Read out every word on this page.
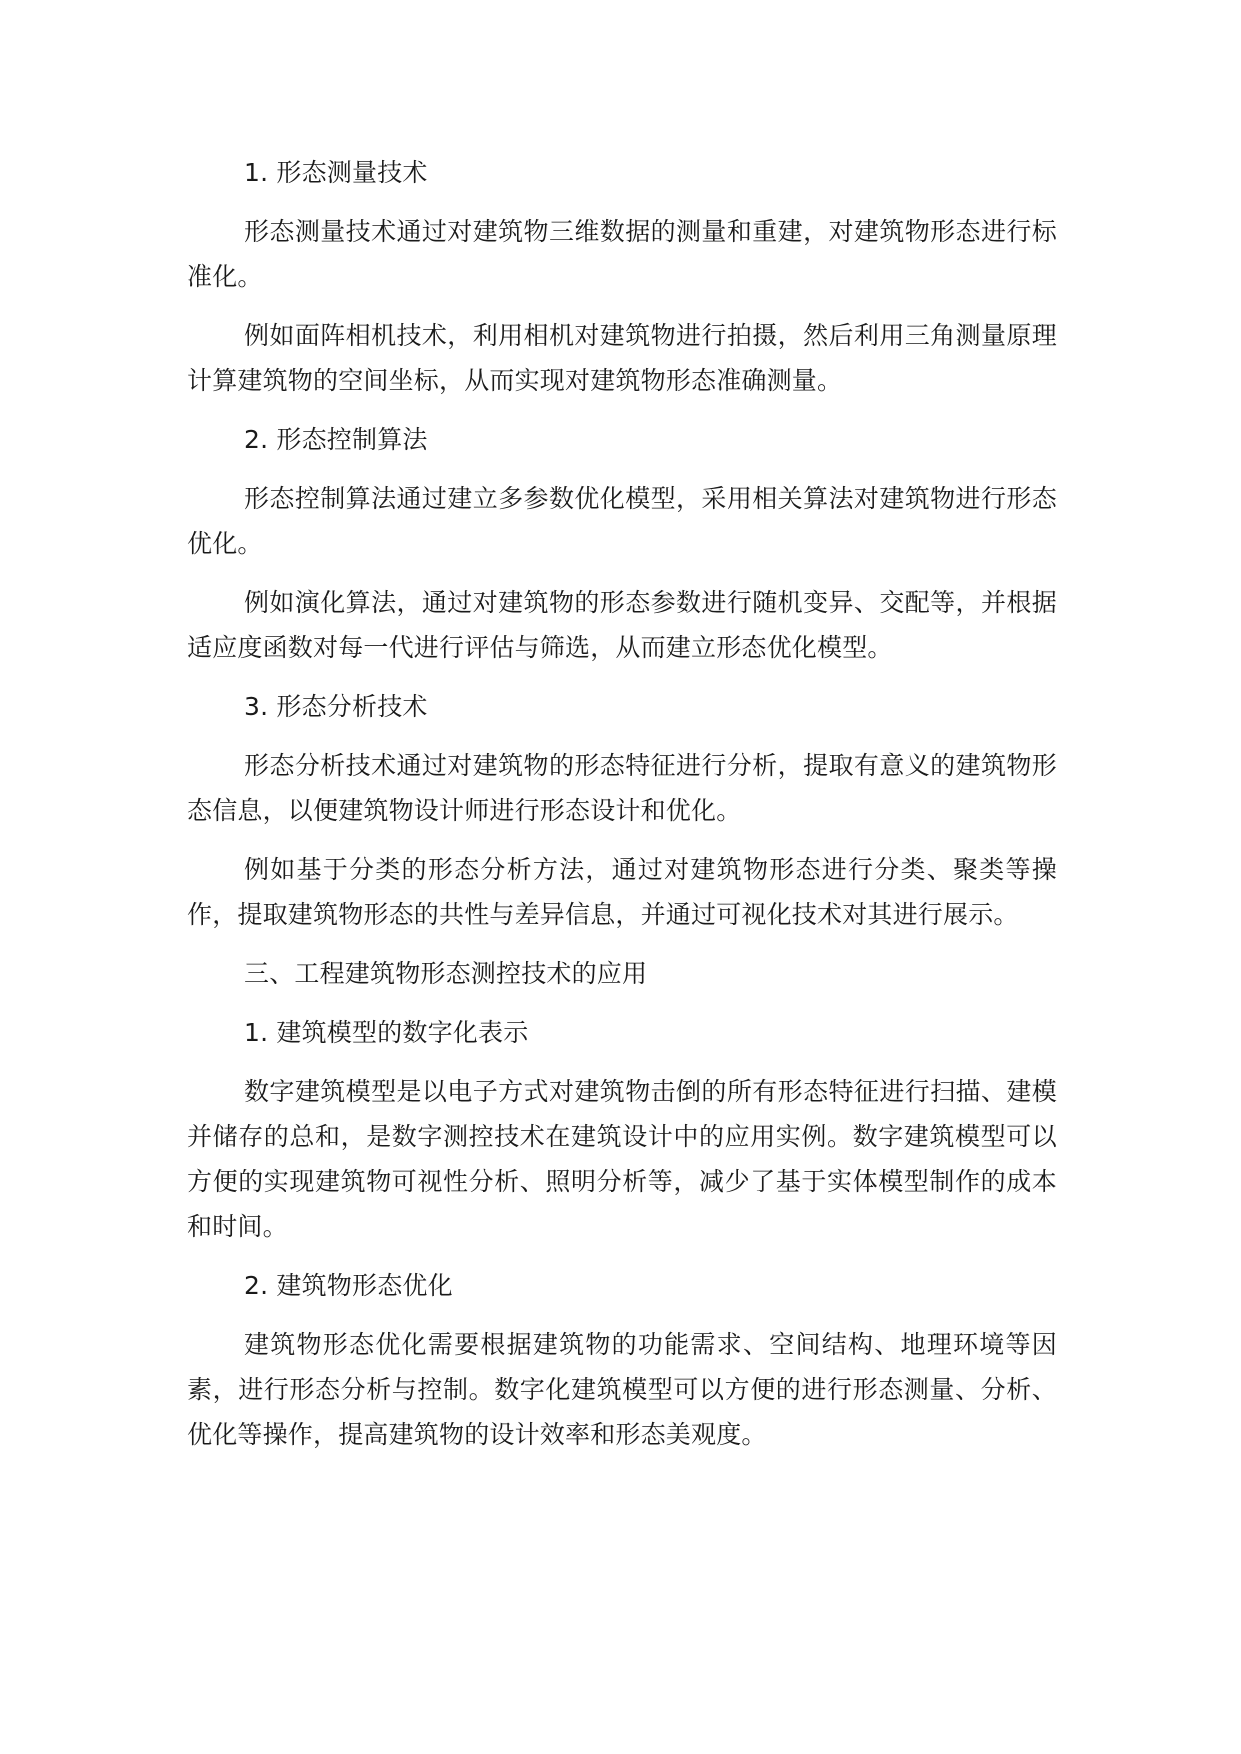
1. 形态测量技术

形态测量技术通过对建筑物三维数据的测量和重建，对建筑物形态进行标准化。

例如面阵相机技术，利用相机对建筑物进行拍摄，然后利用三角测量原理计算建筑物的空间坐标，从而实现对建筑物形态准确测量。

2. 形态控制算法

形态控制算法通过建立多参数优化模型，采用相关算法对建筑物进行形态优化。

例如演化算法，通过对建筑物的形态参数进行随机变异、交配等，并根据适应度函数对每一代进行评估与筛选，从而建立形态优化模型。

3. 形态分析技术

形态分析技术通过对建筑物的形态特征进行分析，提取有意义的建筑物形态信息，以便建筑物设计师进行形态设计和优化。

例如基于分类的形态分析方法，通过对建筑物形态进行分类、聚类等操作，提取建筑物形态的共性与差异信息，并通过可视化技术对其进行展示。

三、工程建筑物形态测控技术的应用

1. 建筑模型的数字化表示

数字建筑模型是以电子方式对建筑物击倒的所有形态特征进行扫描、建模并储存的总和，是数字测控技术在建筑设计中的应用实例。数字建筑模型可以方便的实现建筑物可视性分析、照明分析等，减少了基于实体模型制作的成本和时间。

2. 建筑物形态优化

建筑物形态优化需要根据建筑物的功能需求、空间结构、地理环境等因素，进行形态分析与控制。数字化建筑模型可以方便的进行形态测量、分析、优化等操作，提高建筑物的设计效率和形态美观度。
